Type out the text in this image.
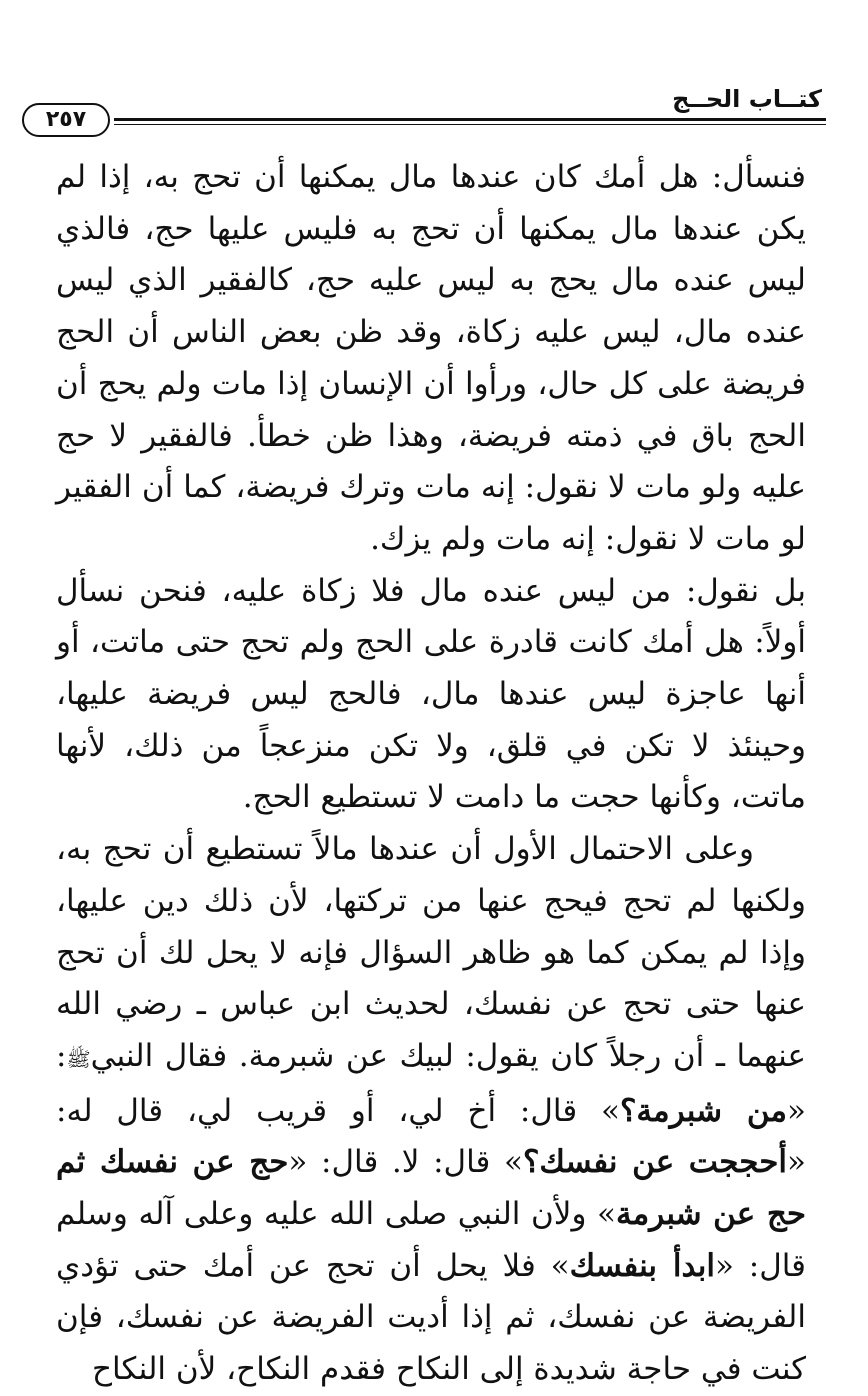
كتــاب الحــج
٢٥٧

فنسأل: هل أمك كان عندها مال يمكنها أن تحج به، إذا لم يكن عندها مال يمكنها أن تحج به فليس عليها حج، فالذي ليس عنده مال يحج به ليس عليه حج، كالفقير الذي ليس عنده مال، ليس عليه زكاة، وقد ظن بعض الناس أن الحج فريضة على كل حال، ورأوا أن الإنسان إذا مات ولم يحج أن الحج باق في ذمته فريضة، وهذا ظن خطأ. فالفقير لا حج عليه ولو مات لا نقول: إنه مات وترك فريضة، كما أن الفقير لو مات لا نقول: إنه مات ولم يزك.

بل نقول: من ليس عنده مال فلا زكاة عليه، فنحن نسأل أولاً: هل أمك كانت قادرة على الحج ولم تحج حتى ماتت، أو أنها عاجزة ليس عندها مال، فالحج ليس فريضة عليها، وحينئذ لا تكن في قلق، ولا تكن منزعجاً من ذلك، لأنها ماتت، وكأنها حجت ما دامت لا تستطيع الحج.

وعلى الاحتمال الأول أن عندها مالاً تستطيع أن تحج به، ولكنها لم تحج فيحج عنها من تركتها، لأن ذلك دين عليها، وإذا لم يمكن كما هو ظاهر السؤال فإنه لا يحل لك أن تحج عنها حتى تحج عن نفسك، لحديث ابن عباس ـ رضي الله عنهما ـ أن رجلاً كان يقول: لبيك عن شبرمة. فقال النبيﷺ: «من شبرمة؟» قال: أخ لي، أو قريب لي، قال له: «أحججت عن نفسك؟» قال: لا. قال: «حج عن نفسك ثم حج عن شبرمة» ولأن النبي صلى الله عليه وعلى آله وسلم قال: «ابدأ بنفسك» فلا يحل أن تحج عن أمك حتى تؤدي الفريضة عن نفسك، ثم إذا أديت الفريضة عن نفسك، فإن كنت في حاجة شديدة إلى النكاح فقدم النكاح، لأن النكاح
